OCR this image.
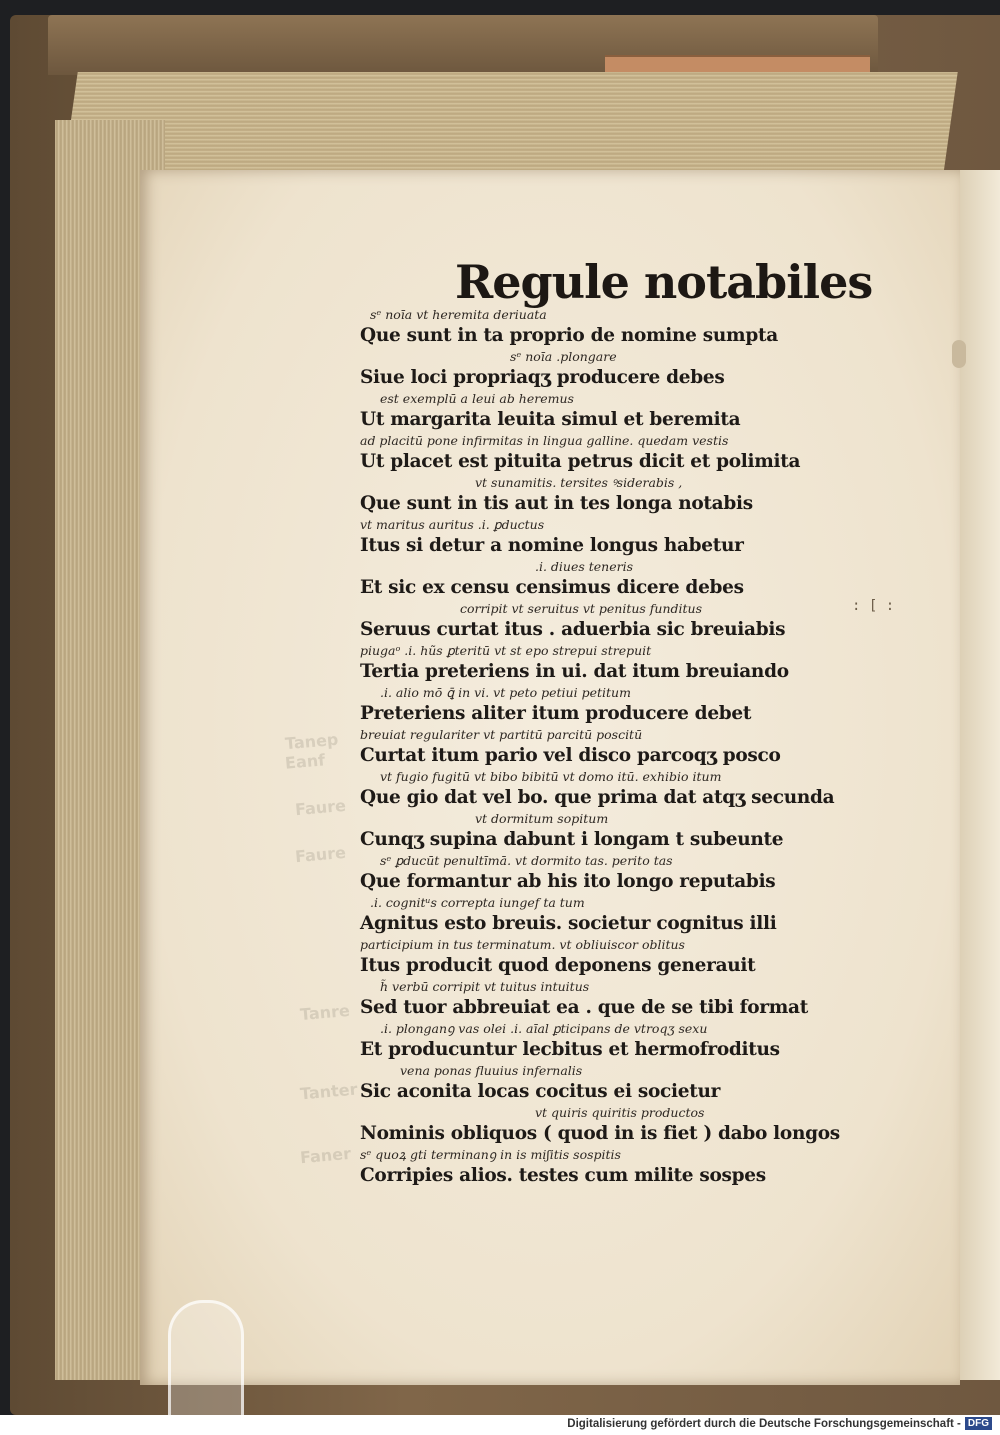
Tanep
Eanf
Faure
Faure
Tanre
Tanter
Faner
: [ :
Regule notabiles
sᵉ noīa vt heremita deriuata
Que sunt in ta proprio de nomine sumpta
sᵉ noīa .plongare
Siue loci propriaqʒ producere debes
est exemplū a leui ab heremus
Ut margarita leuita simul et beremita
ad placitū pone infirmitas in lingua galline. quedam vestis
Ut placet est pituita petrus dicit et polimita
vt sunamitis. tersites ꝰsiderabis ,
Que sunt in tis aut in tes longa notabis
vt maritus auritus .i. ꝑductus
Itus si detur a nomine longus habetur
.i. diues teneris
Et sic ex censu censimus dicere debes
corripit vt seruitus vt penitus funditus
Seruus curtat itus . aduerbia sic breuiabis
piugaᵒ .i. hũs ꝑteritū vt st epo strepui strepuit
Tertia preteriens in ui. dat itum breuiando
.i. alio mō ꝗ̄ in vi. vt peto petiui petitum
Preteriens aliter itum producere debet
breuiat regulariter vt partitū parcitū poscitū
Curtat itum pario vel disco parcoqʒ posco
vt fugio fugitū vt bibo bibitū vt domo itū. exhibio itum
Que gio dat vel bo. que prima dat atqʒ secunda
vt dormitum sopitum
Cunqʒ supina dabunt i longam t subeunte
sᵉ ꝑducūt penultīmā. vt dormito tas. perito tas
Que formantur ab his ito longo reputabis
.i. cognitᵘs correpta iungef ta tum
Agnitus esto breuis. societur cognitus illi
participium in tus terminatum. vt obliuiscor oblitus
Itus producit quod deponens generauit
h̃ verbū corripit vt tuitus intuitus
Sed tuor abbreuiat ea . que de se tibi format
.i. plonganꝯ vas olei .i. aīal ꝑticipans de vtroqʒ sexu
Et producuntur lecbitus et hermofroditus
vena ponas fluuius infernalis
Sic aconita locas cocitus ei societur
vt quiris quiritis productos
Nominis obliquos ( quod in is fiet ) dabo longos
sᵉ quoꝝ gti terminanꝯ in is miʃitis sospitis
Corripies alios. testes cum milite sospes
Digitalisierung gefördert durch die Deutsche Forschungsgemeinschaft - DFG
